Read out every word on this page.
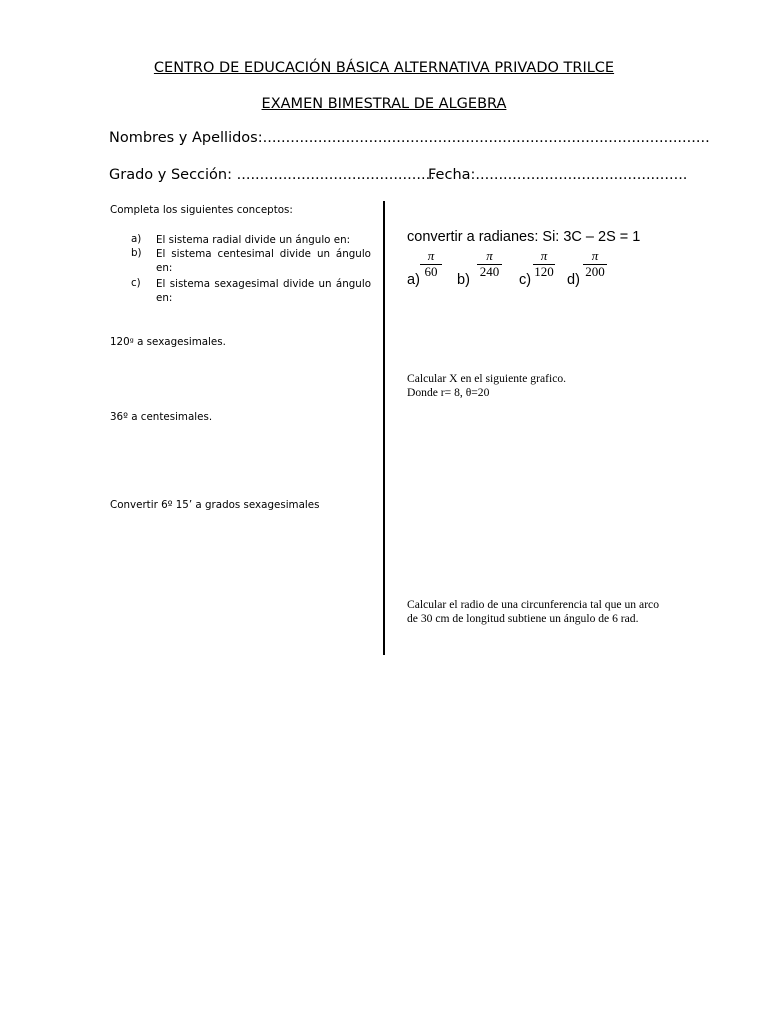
CENTRO DE EDUCACIÓN BÁSICA ALTERNATIVA PRIVADO TRILCE
EXAMEN BIMESTRAL DE ALGEBRA
Nombres y Apellidos:.................................................................................................
Grado y Sección: ...........................................
Fecha:..............................................
Completa los siguientes conceptos:
a) El sistema radial divide un ángulo en:
b) El sistema centesimal divide un ángulo en:
c) El sistema sexagesimal divide un ángulo en:
120ᵍ a sexagesimales.
36º a centesimales.
Convertir 6º 15’ a grados sexagesimales
convertir a radianes: Si: 3C – 2S = 1
a)
π
60
b)
π
240
c)
π
120
d)
π
200
Calcular X en el siguiente grafico.
Donde r= 8, θ=20
Calcular el radio de una circunferencia tal que un arco de 30 cm de longitud subtiene un ángulo de 6 rad.
